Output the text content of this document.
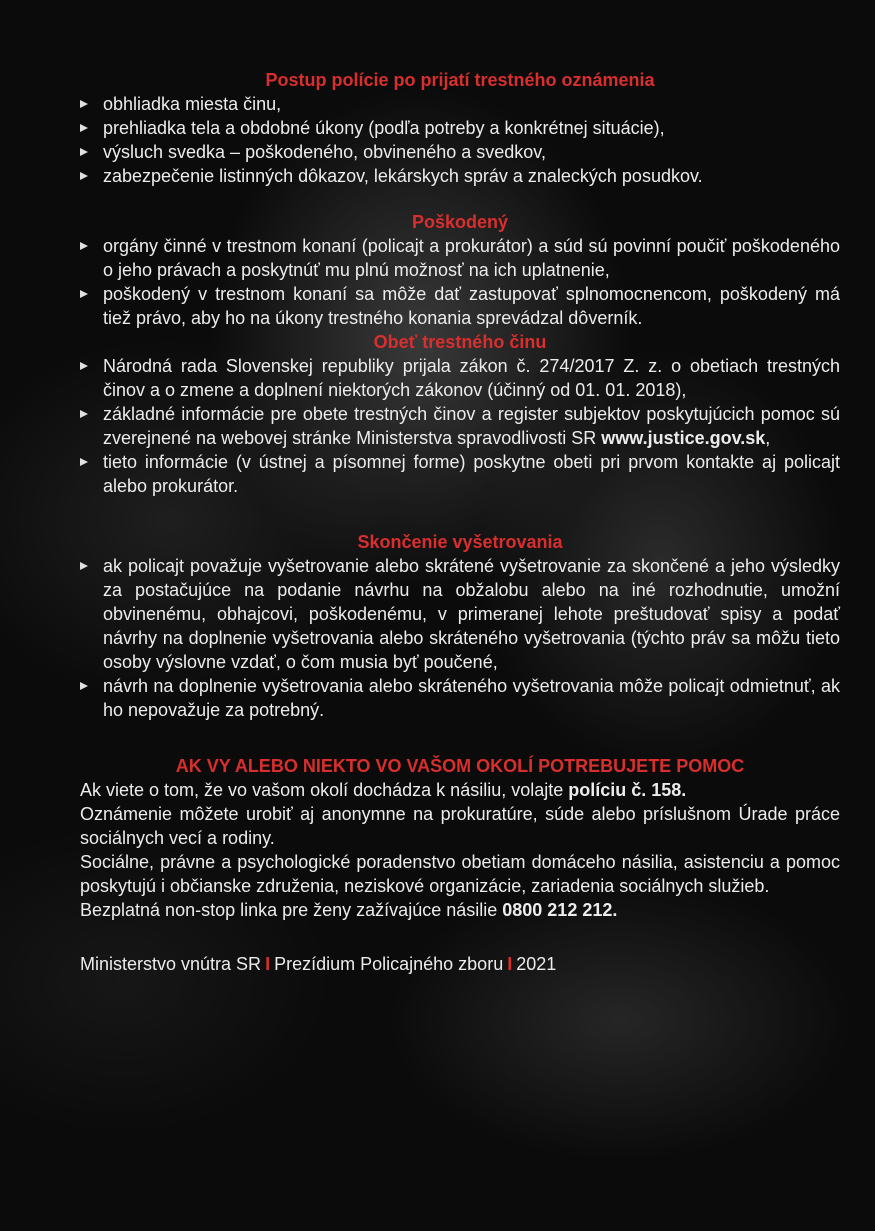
Postup polície po prijatí trestného oznámenia
obhliadka miesta činu,
prehliadka tela a obdobné úkony (podľa potreby a konkrétnej situácie),
výsluch svedka – poškodeného, obvineného a svedkov,
zabezpečenie listinných dôkazov, lekárskych správ a znaleckých posudkov.
Poškodený
orgány činné v trestnom konaní (policajt a prokurátor) a súd sú povinní poučiť poškodeného o jeho právach a poskytnúť mu plnú možnosť na ich uplatnenie,
poškodený v trestnom konaní sa môže dať zastupovať splnomocnencom, poškodený má tiež právo, aby ho na úkony trestného konania sprevádzal dôverník.
Obeť trestného činu
Národná rada Slovenskej republiky prijala zákon č. 274/2017 Z. z. o obetiach trestných činov a o zmene a doplnení niektorých zákonov (účinný od 01. 01. 2018),
základné informácie pre obete trestných činov a register subjektov poskytujúcich pomoc sú zverejnené na webovej stránke Ministerstva spravodlivosti SR www.justice.gov.sk,
tieto informácie (v ústnej a písomnej forme) poskytne obeti pri prvom kontakte aj policajt alebo prokurátor.
Skončenie vyšetrovania
ak policajt považuje vyšetrovanie alebo skrátené vyšetrovanie za skončené a jeho výsledky za postačujúce na podanie návrhu na obžalobu alebo na iné rozhodnutie, umožní obvinenému, obhajcovi, poškodenému, v primeranej lehote preštudovať spisy a podať návrhy na doplnenie vyšetrovania alebo skráteného vyšetrovania (týchto práv sa môžu tieto osoby výslovne vzdať, o čom musia byť poučené,
návrh na doplnenie vyšetrovania alebo skráteného vyšetrovania môže policajt odmietnuť, ak ho nepovažuje za potrebný.
AK VY ALEBO NIEKTO VO VAŠOM OKOLÍ POTREBUJETE POMOC

Ak viete o tom, že vo vašom okolí dochádza k násiliu, volajte políciu č. 158.

Oznámenie môžete urobiť aj anonymne na prokuratúre, súde alebo príslušnom Úrade práce sociálnych vecí a rodiny.

Sociálne, právne a psychologické poradenstvo obetiam domáceho násilia, asistenciu a pomoc poskytujú i občianske združenia, neziskové organizácie, zariadenia sociálnych služieb.

Bezplatná non-stop linka pre ženy zažívajúce násilie 0800 212 212.

Ministerstvo vnútra SR I Prezídium Policajného zboru I 2021
